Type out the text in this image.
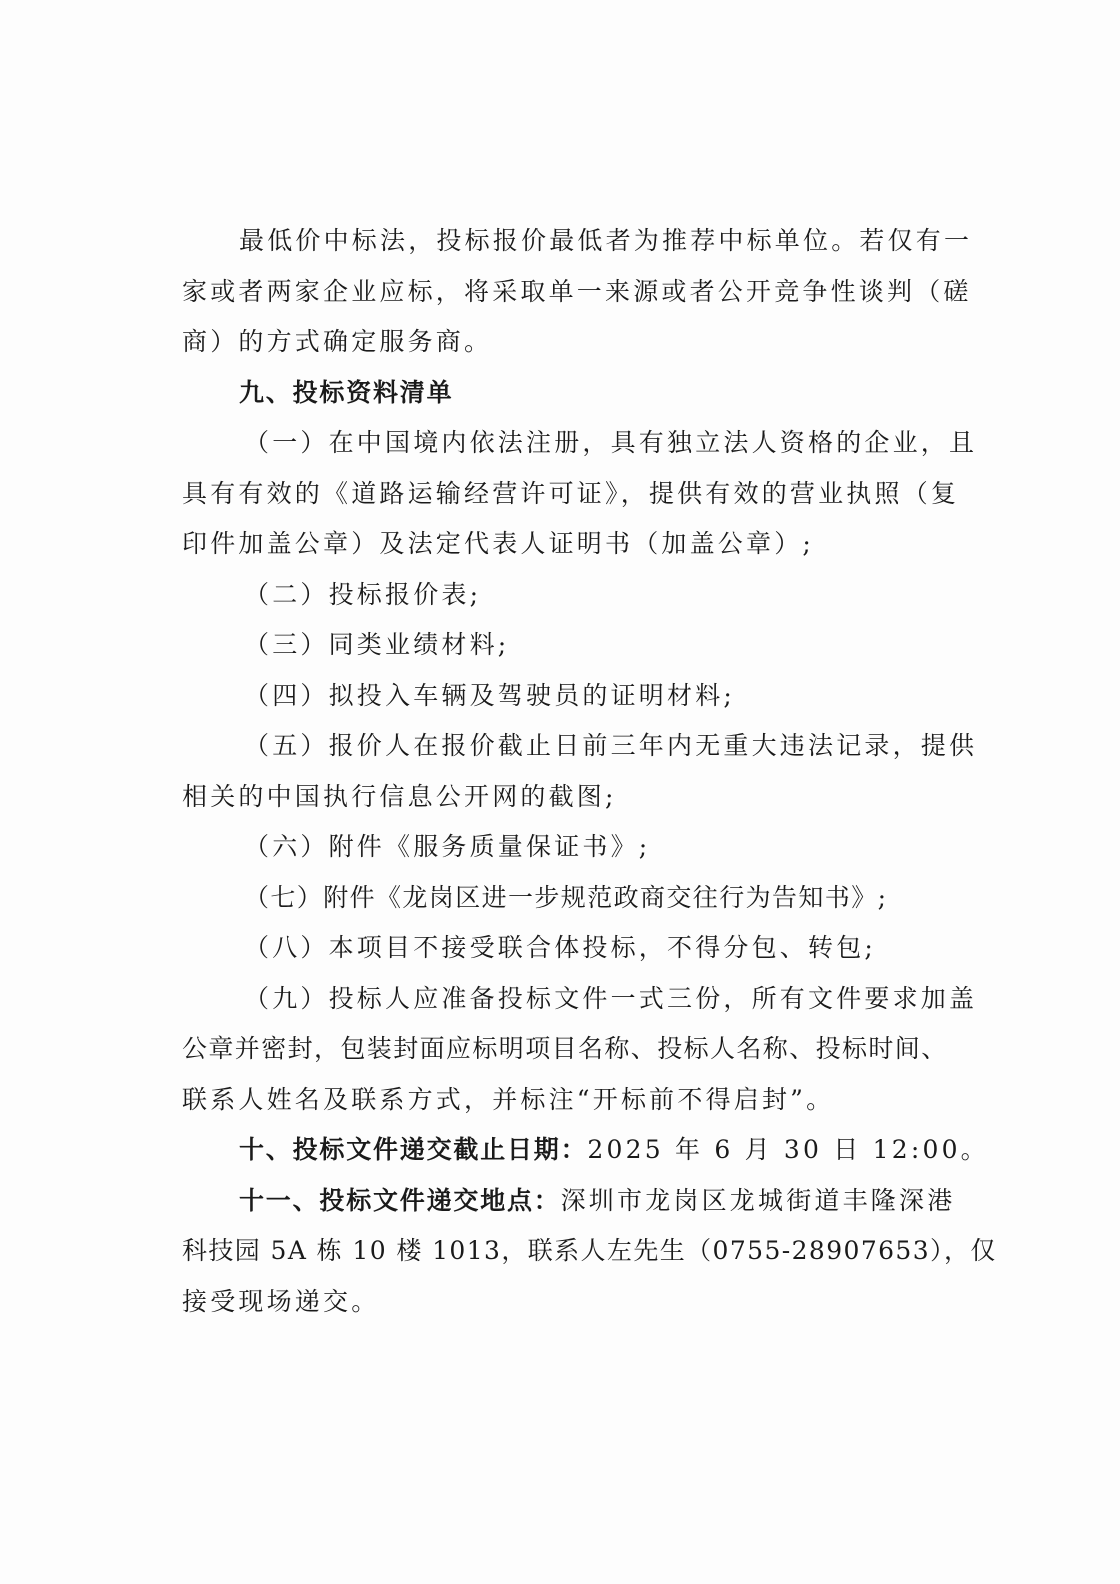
最低价中标法，投标报价最低者为推荐中标单位。若仅有一
家或者两家企业应标，将采取单一来源或者公开竞争性谈判（磋
商）的方式确定服务商。
九、投标资料清单
（一）在中国境内依法注册，具有独立法人资格的企业，且
具有有效的《道路运输经营许可证》，提供有效的营业执照（复
印件加盖公章）及法定代表人证明书（加盖公章）;
（二）投标报价表;
（三）同类业绩材料;
（四）拟投入车辆及驾驶员的证明材料;
（五）报价人在报价截止日前三年内无重大违法记录，提供
相关的中国执行信息公开网的截图;
（六）附件《服务质量保证书》;
（七）附件《龙岗区进一步规范政商交往行为告知书》;
（八）本项目不接受联合体投标，不得分包、转包;
（九）投标人应准备投标文件一式三份，所有文件要求加盖
公章并密封，包装封面应标明项目名称、投标人名称、投标时间、
联系人姓名及联系方式，并标注“开标前不得启封”。
十、投标文件递交截止日期：2025 年 6 月 30 日 12:00。
十一、投标文件递交地点：深圳市龙岗区龙城街道丰隆深港
科技园 5A 栋 10 楼 1013，联系人左先生（0755-28907653），仅
接受现场递交。
